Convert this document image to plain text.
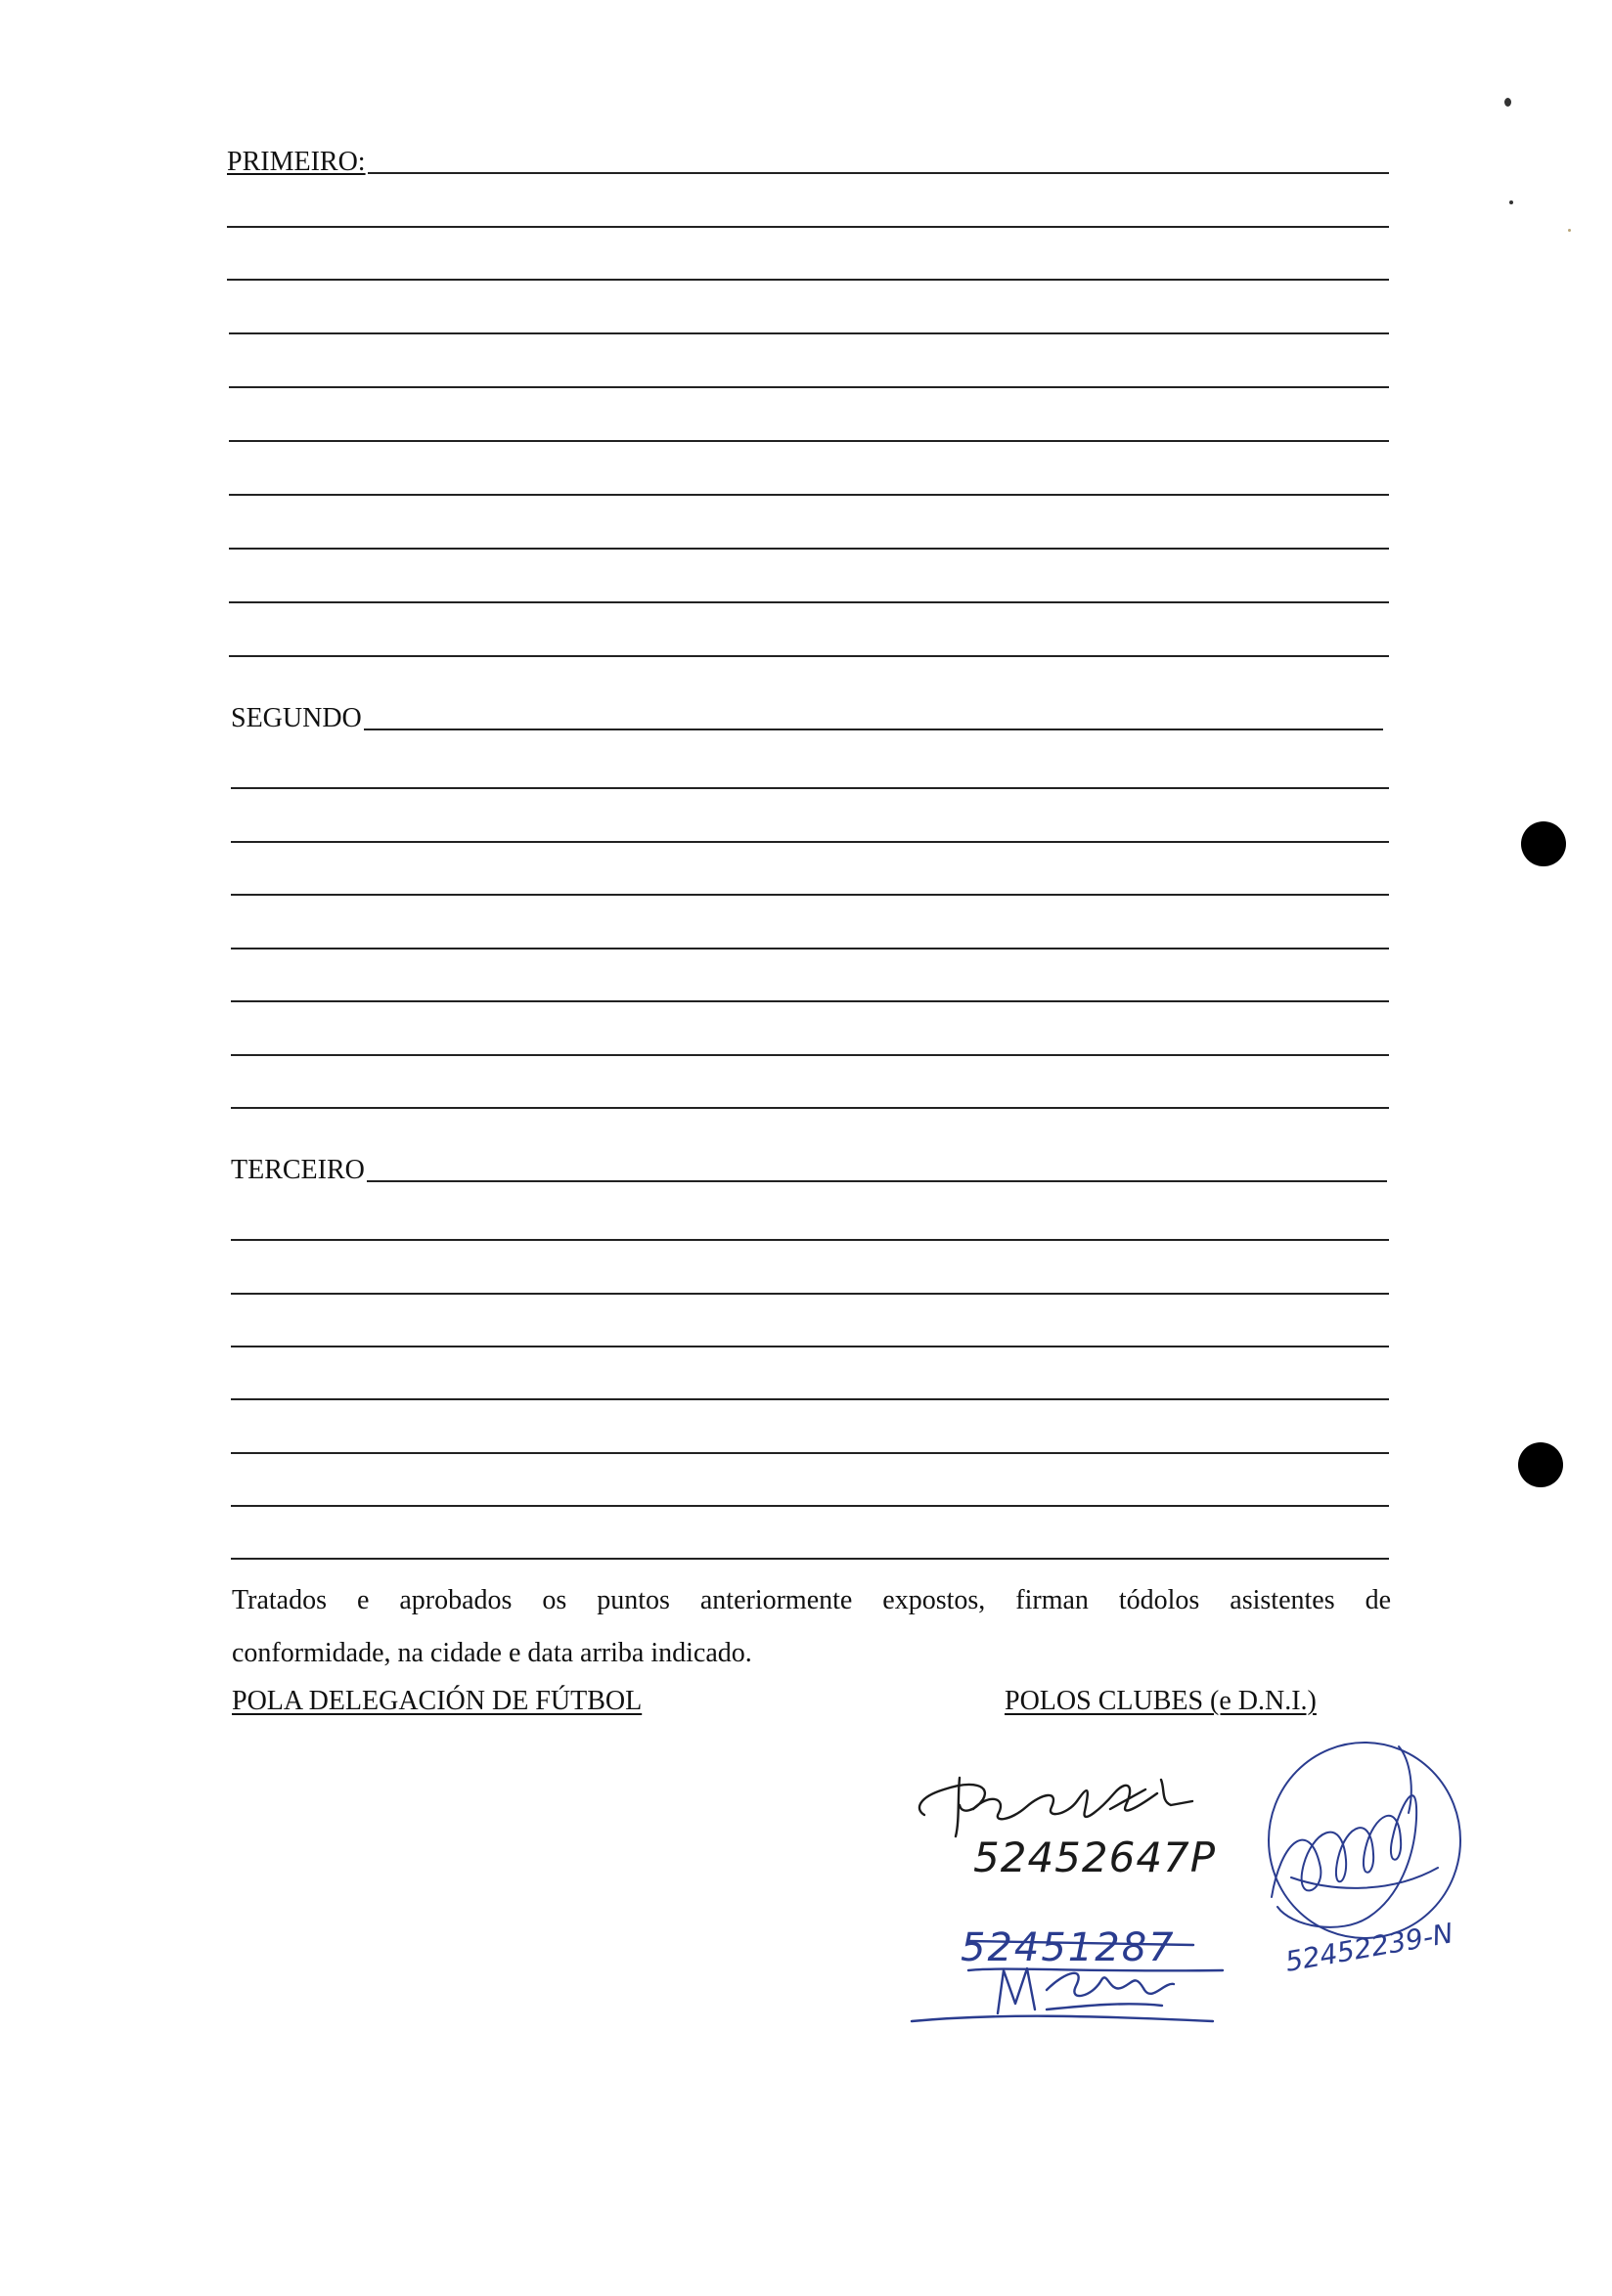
PRIMEIRO:
SEGUNDO
TERCEIRO
Tratados e aprobados os puntos anteriormente expostos, firman tódolos asistentes de
conformidade, na cidade e data arriba indicado.
POLA DELEGACIÓN DE FÚTBOL	POLOS CLUBES (e D.N.I.)
52452647P
52451287	52452239-N
